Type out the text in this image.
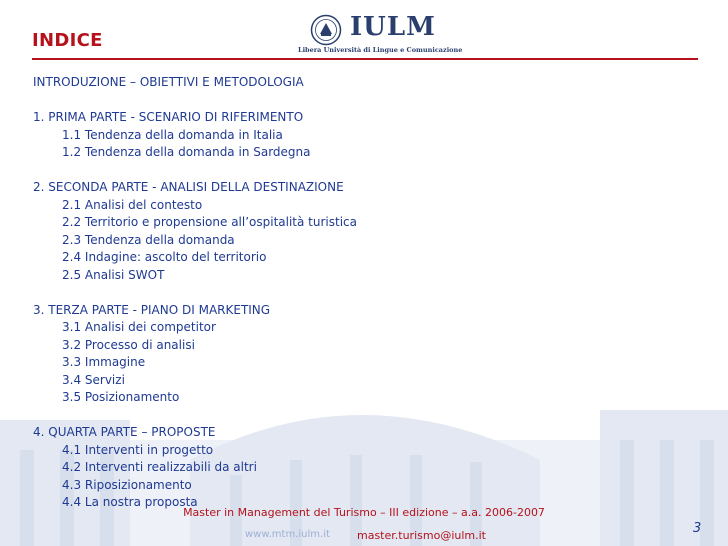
INDICE	IULM
Libera Università di Lingue e Comunicazione
INTRODUZIONE – OBIETTIVI E METODOLOGIA
1. PRIMA PARTE - SCENARIO DI RIFERIMENTO
1.1 Tendenza della domanda in Italia
1.2 Tendenza della domanda in Sardegna
2. SECONDA PARTE - ANALISI DELLA DESTINAZIONE
2.1 Analisi del contesto
2.2 Territorio e propensione all’ospitalità turistica
2.3 Tendenza della domanda
2.4 Indagine: ascolto del territorio
2.5 Analisi SWOT
3. TERZA PARTE - PIANO DI MARKETING
3.1 Analisi dei competitor
3.2 Processo di analisi
3.3 Immagine
3.4 Servizi
3.5 Posizionamento
4. QUARTA PARTE – PROPOSTE
4.1 Interventi in progetto
4.2 Interventi realizzabili da altri
4.3 Riposizionamento
4.4 La nostra proposta
Master in Management del Turismo – III edizione – a.a. 2006-2007
www.mtm.iulm.it master.turismo@iulm.it	3
